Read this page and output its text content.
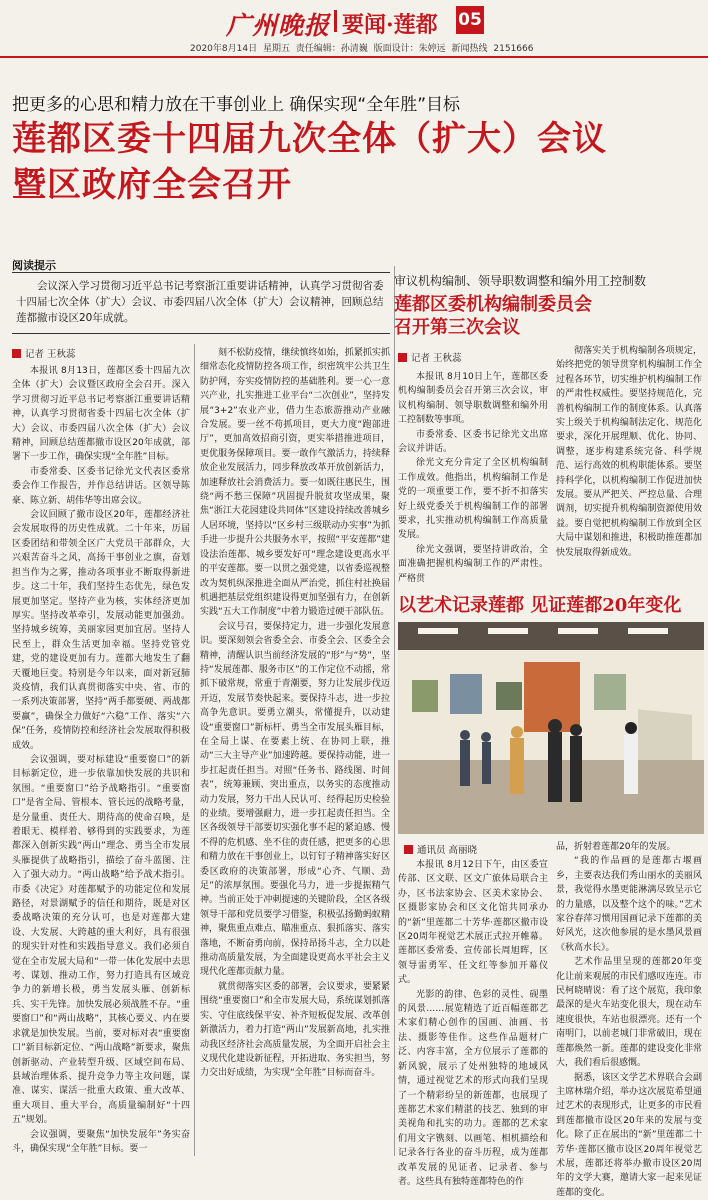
广州晚报 要闻·莲都 05
2020年8月14日 星期五 责任编辑：孙清巍 版面设计：朱婷远 新闻热线 2151666
把更多的心思和精力放在干事创业上 确保实现“全年胜”目标
莲都区委十四届九次全体（扩大）会议
暨区政府全会召开
阅读提示

会议深入学习贯彻习近平总书记考察浙江重要讲话精神，认真学习贯彻省委十四届七次全体（扩大）会议、市委四届八次全体（扩大）会议精神，回顾总结莲都撤市设区20年成就。

记者 王秋蕊

本报讯 8月13日，莲都区委十四届九次全体（扩大）会议暨区政府全会召开。深入学习贯彻习近平总书记考察浙江重要讲话精神，认真学习贯彻省委十四届七次全体（扩大）会议、市委四届八次全体（扩大）会议精神，回顾总结莲都撤市设区20年成就，部署下一步工作，确保实现“全年胜”目标。

市委常委、区委书记徐光文代表区委常委会作工作报告，并作总结讲话。区领导陈豪、陈立新、胡伟华等出席会议。

会议回顾了撤市设区20年，莲都经济社会发展取得的历史性成就。二十年来，历届区委团结和带领全区广大党员干部群众，大兴艰苦奋斗之风，高扬干事创业之旗，奋划担当作为之雾，推动各项事业不断取得新进步。这二十年，我们坚持生态优先，绿色发展更加坚定。坚持产业为核，实体经济更加厚实。坚持改革牵引，发展动能更加强劲。坚持城乡统筹，美丽家园更加宜居。坚持人民至上，群众生活更加幸福。坚持党管党建，党的建设更加有力。莲都大地发生了翻天覆地巨变。特别是今年以来，面对新冠肺炎疫情，我们认真贯彻落实中央、省、市的一系列决策部署，坚持“两手都要硬、两战都要赢”，确保全力做好“六稳”工作、落实“六保”任务，疫情防控和经济社会发展取得积极成效。

会议强调，要对标建设“重要窗口”的新目标新定位，进一步依靠加快发展的共识和氛围。“重要窗口”给予战略指引。“重要窗口”是省全局、管根本、管长远的战略考量，是分量重、责任大、期待高的使命召唤，是着眼无、模样着、够得到的实践要求，为莲都深入创新实践“两山”理念、勇当全市发展头雁提供了战略指引，描绘了奋斗蓝图、注入了强大动力。“两山战略”给予战术指引。市委《决定》对莲都赋予的功能定位和发展路径，对景湖赋予的信任和期待，既是对区委战略决策的充分认可，也是对莲都大建设、大发展、大跨越的重大利好，具有很强的现实针对性和实践指导意义。我们必须自觉在全市发展大局和“一带一体化发展中去思考、谋划、推动工作，努力打造具有区域竞争力的新增长极，勇当发展头雁、创新标兵、实干先锋。加快发展必须战胜不存。“重要窗口”和“两山战略”，其核心要义、内在要求就是加快发展。当前，要对标对表“重要窗口”新目标新定位、“两山战略”新要求，聚焦创新驱动、产业转型升级、区域空间布局、县域治理体系、提升竞争力等主攻问题，谋准、谋实、谋活一批重大政策、重大改革、重大项目、重大平台，高质量编制好“十四五”规划。

会议强调，要聚焦“加快发展年”务实奋斗，确保实现“全年胜”目标。要一

刻不松防疫情，继续慎终如始，抓紧抓实抓细常态化疫情防控各项工作，织密筑牢公共卫生防护网，夯实疫情防控的基础胜利。要一心一意兴产业，扎实推进工业平台“二次创业”，坚持发展“3+2”农业产业，借力生态旅游推动产业融合发展。要一丝不苟抓项目，更大力度“跑部进厅”，更加高效招商引资，更实举措推进项目，更优服务保障项目。要一敢作气激活力，持续释放企业发展活力，同步释放改革开放创新活力，加速释放社会消费活力。要一如既往惠民生，围绕“两不愁三保障”巩固提升脱贫攻坚成果，聚焦“浙江大花园建设共同体”区建设持续改善城乡人居环境，坚持以“区乡村三级联动办实事”为抓手进一步提升公共服务水平，按照“平安莲都”建设法治莲都、城乡要发好可“理念建设更高水平的平安莲都。要一以贯之强党建，以省委巡视整改为契机纵深推进全面从严治党，抓住村社换届机遇把基层党组织建设得更加坚强有力，在创新实践“五大工作制度”中着力锻造过硬干部队伍。

会议号召，要保持定力，进一步强化发展意识。要深刻领会省委全会、市委全会、区委全会精神，清醒认识当前经济发展的“形”与“势”，坚持“发展莲都、服务市区”的工作定位不动摇，常抓下破常规，常重于青潮要，努力让发展步伐迈开迈，发展节奏快起来。要保持斗志，进一步拉高争先意识。要勇立潮头，常懂提升，以动建设“重要窗口”新标杆、勇当全市发展头雁目标，在全局上谋、在要素上统、在协同上联，推动“三大主导产业”加速跨越。要保持动能，进一步扛起责任担当。对照“任务书、路线图、时间表”，统筹兼顾、突出重点，以务实的态度推动动力发展，努力干出人民认可、经得起历史检验的业绩。要增强耐力，进一步扛起责任担当。全区各级领导干部要切实强化事不起的紧迫感、慢不得的危机感、坐不住的责任感，把更多的心思和精力放在干事创业上，以钉钉子精神落实好区委区政府的决策部署，形成“心齐、气顺、劲足”的浓厚氛围。要强化马力，进一步提振精气神。当前正处于冲刺提速的关键阶段，全区各级领导干部和党员要学习借鉴，积极弘扬勤蚂蚁精神，聚焦重点难点、瞄准重点、狠抓落实、落实落地，不断奋勇向前，保持昂扬斗志，全力以赴推动高质量发展，为全面建设更高水平社会主义现代化莲都贡献力量。

就贯彻落实区委的部署，会议要求，要紧紧围绕“重要窗口”和全市发展大局，系统谋划抓落实、守住底线保平安、补齐短板促发展、改革创新激活力，着力打造“两山”发展新高地，扎实推动我区经济社会高质量发展，为全面开启社会主义现代化建设新征程，开拓进取、务实担当，努力交出好成绩，为实现“全年胜”目标而奋斗。

审议机构编制、领导职数调整和编外用工控制数
莲都区委机构编制委员会
召开第三次会议
记者 王秋蕊

本报讯 8月10日上午，莲都区委机构编制委员会召开第三次会议，审议机构编制、领导职数调整和编外用工控制数等事项。

市委常委、区委书记徐光文出席会议并讲话。

徐光文充分肯定了全区机构编制工作成效。他指出，机构编制工作是党的一项重要工作，要不折不扣落实好上级党委关于机构编制工作的部署要求，扎实推动机构编制工作高质量发展。

徐光文强调，要坚持讲政治，全面准确把握机构编制工作的严肃性。严格贯

彻落实关于机构编制各项规定，始终把党的领导贯穿机构编制工作全过程各环节，切实维护机构编制工作的严肃性权威性。要坚持规范化，完善机构编制工作的制度体系。认真落实上级关于机构编制法定化、规范化要求，深化开展理顺、优化、协同、调整，逐步构建系统完备、科学规范、运行高效的机构职能体系。要坚持科学化，以机构编制工作促进加快发展。要从严把关、严控总量、合理调剂，切实提升机构编制资源使用效益。要自觉把机构编制工作放到全区大局中谋划和推进，积极助推莲都加快发展取得新成效。

以艺术记录莲都 见证莲都20年变化
通讯员 高丽晓

本报讯 8月12日下午，由区委宣传部、区文联、区文广旅体局联合主办，区书法家协会、区美术家协会、区摄影家协会和区文化馆共同承办的“新”里莲都二十芳华·莲都区撤市设区20周年视觉艺术展正式拉开帷幕。莲都区委常委、宣传部长周旭晖，区领导雷勇军、任文红等参加开幕仪式。

光影的韵律、色彩的灵性、砚墨的风景……展览精选了近百幅莲都艺术家们精心创作的国画、油画、书法、摄影等佳作。这些作品题材广泛、内容丰富，全方位展示了莲都的新风貌，展示了处州独特的地域风情，通过视觉艺术的形式向我们呈现了一个精彩纷呈的新莲都，也展现了莲都艺术家们精湛的技艺、独到的审美视角和扎实的功力。莲都的艺术家们用文字镌刻、以画笔、相机描绘和记录各行各业的奋斗历程，成为莲都改革发展的见证者、记录者、参与者。这些具有独特莲都特色的作

品，折射着莲都20年的发展。

“我的作品画的是莲都古堰画乡，主要表达我们秀山丽水的美丽风景，我觉得水墨更能淋漓尽致呈示它的力量感，以及整个这个的味。”艺术家谷春萍习惯用国画记录下莲都的美好风光，这次他参展的是水墨风景画《秋高水长》。

艺术作品里呈现的莲都20年变化让前来观展的市民们感叹连连。市民柯晓晴说：看了这个展览，我印象最深的是火车站变化很大，现在动车速度很快，车站也很漂亮。还有一个南明门，以前老城门非常破旧，现在莲都焕然一新。莲都的建设变化非常大，我们看后很感慨。

据悉，该区文学艺术界联合会副主席林瑞介绍，举办这次展览希望通过艺术的表现形式，让更多的市民看到莲都撤市设区20年来的发展与变化。除了正在展出的“新”里莲都二十芳华·莲都区撤市设区20周年视觉艺术展，莲都还将举办撤市设区20周年的文学大赛，邀请大家一起来见证莲都的变化。
